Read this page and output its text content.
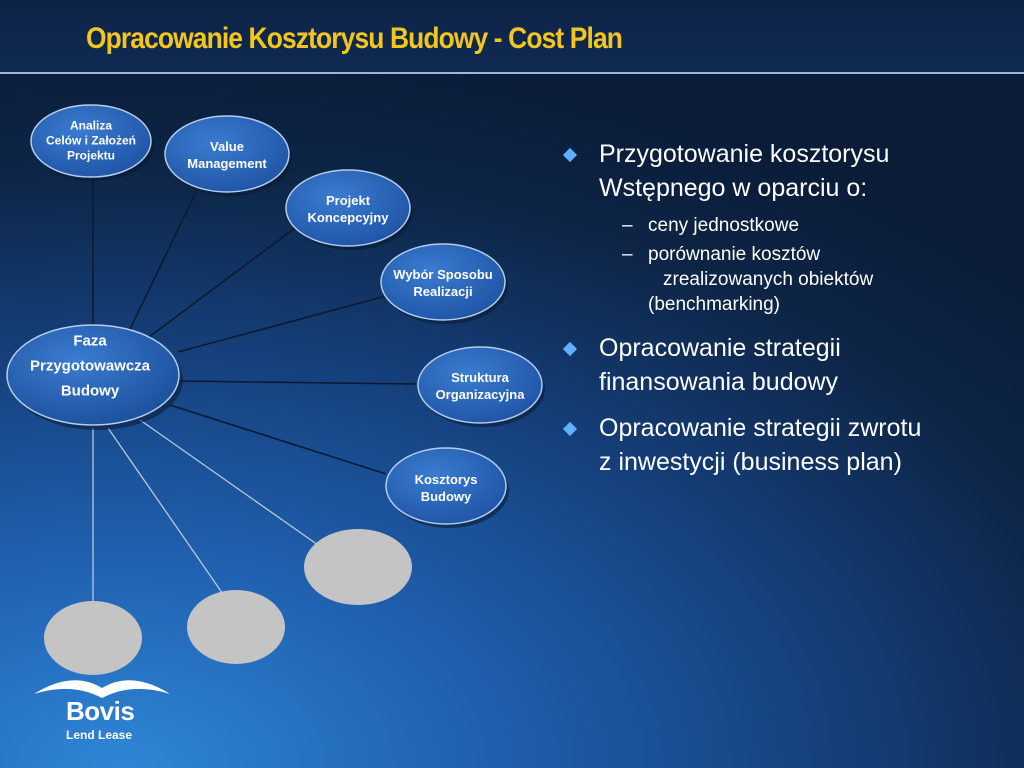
Opracowanie Kosztorysu Budowy - Cost Plan
Analiza
Celów i Założeń
Projektu
Value
Management
Projekt
Koncepcyjny
Wybór Sposobu
Realizacji
Struktura
Organizacyjna
Kosztorys
Budowy
Faza
Przygotowawcza
Budowy
Przygotowanie kosztorysu
Wstępnego w oparciu o:
– ceny jednostkowe
– porównanie kosztów
zrealizowanych obiektów
(benchmarking)
Opracowanie strategii
finansowania budowy
Opracowanie strategii zwrotu
z inwestycji (business plan)
Bovis
Lend Lease
